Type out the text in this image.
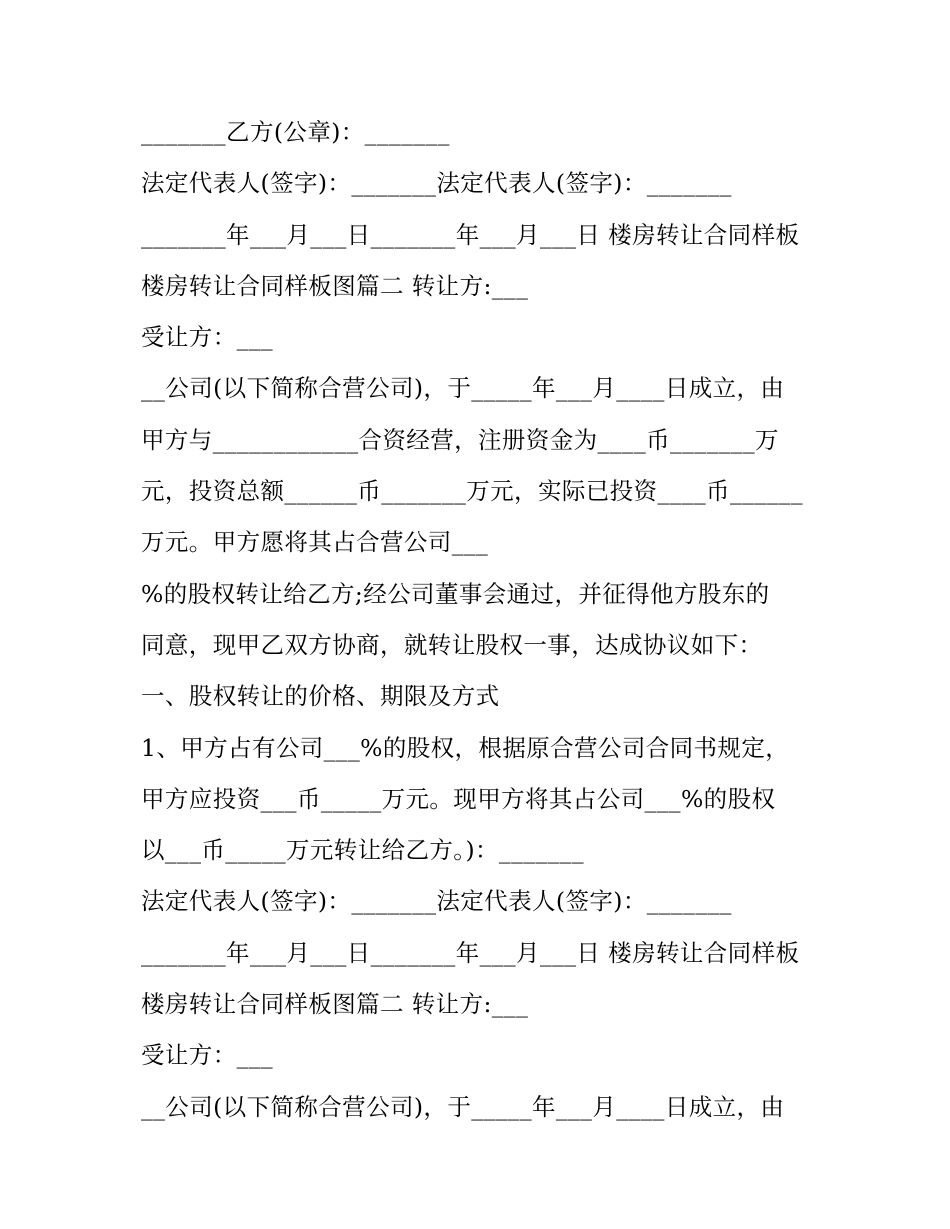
_______乙方(公章)：_______
法定代表人(签字)：_______法定代表人(签字)：_______
_______年___月___日_______年___月___日 楼房转让合同样板
楼房转让合同样板图篇二 转让方:___
受让方：___
__公司(以下简称合营公司)，于_____年___月____日成立，由
甲方与____________合资经营，注册资金为____币_______万
元，投资总额______币_______万元，实际已投资____币______
万元。甲方愿将其占合营公司___
%的股权转让给乙方;经公司董事会通过，并征得他方股东的
同意，现甲乙双方协商，就转让股权一事，达成协议如下：
一、股权转让的价格、期限及方式
1、甲方占有公司___%的股权，根据原合营公司合同书规定，
甲方应投资___币_____万元。现甲方将其占公司___%的股权
以___币_____万元转让给乙方。)：_______
法定代表人(签字)：_______法定代表人(签字)：_______
_______年___月___日_______年___月___日 楼房转让合同样板
楼房转让合同样板图篇二 转让方:___
受让方：___
__公司(以下简称合营公司)，于_____年___月____日成立，由
